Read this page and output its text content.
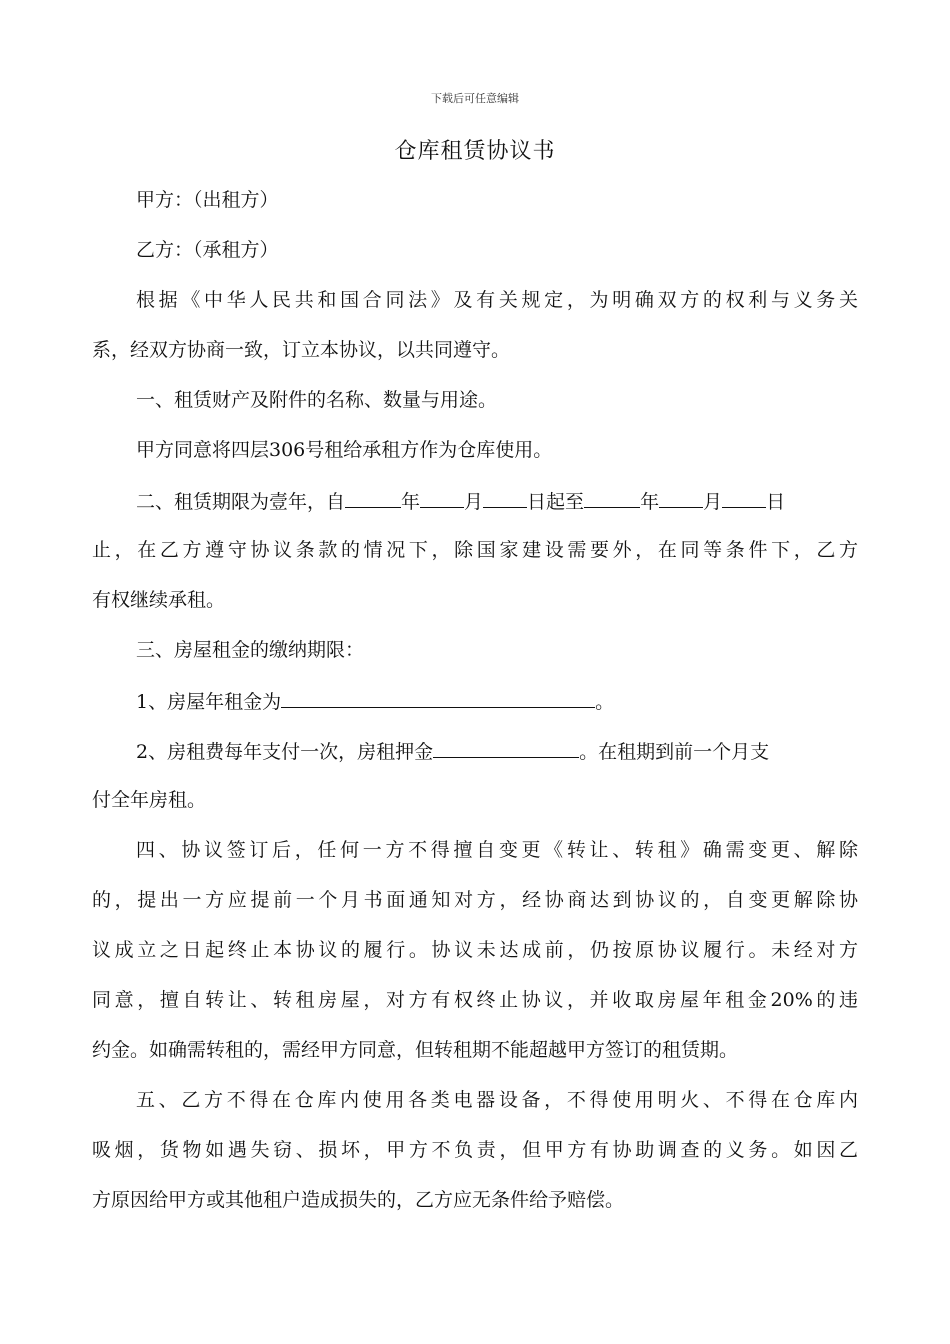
下载后可任意编辑
仓库租赁协议书
甲方：（出租方）
乙方：（承租方）
根据《中华人民共和国合同法》及有关规定，为明确双方的权利与义务关
系，经双方协商一致，订立本协议，以共同遵守。
一、租赁财产及附件的名称、数量与用途。
甲方同意将四层306号租给承租方作为仓库使用。
二、租赁期限为壹年，自	年 月 日起至	年 月 日
止，在乙方遵守协议条款的情况下，除国家建设需要外，在同等条件下，乙方
有权继续承租。
三、房屋租金的缴纳期限：
1、房屋年租金为	。
2、房租费每年支付一次，房租押金	。在租期到前一个月支
付全年房租。
四、协议签订后，任何一方不得擅自变更《转让、转租》确需变更、解除
的，提出一方应提前一个月书面通知对方，经协商达到协议的，自变更解除协
议成立之日起终止本协议的履行。协议未达成前，仍按原协议履行。未经对方
同意，擅自转让、转租房屋，对方有权终止协议，并收取房屋年租金20%的违
约金。如确需转租的，需经甲方同意，但转租期不能超越甲方签订的租赁期。
五、乙方不得在仓库内使用各类电器设备，不得使用明火、不得在仓库内
吸烟，货物如遇失窃、损坏，甲方不负责，但甲方有协助调查的义务。如因乙
方原因给甲方或其他租户造成损失的，乙方应无条件给予赔偿。
